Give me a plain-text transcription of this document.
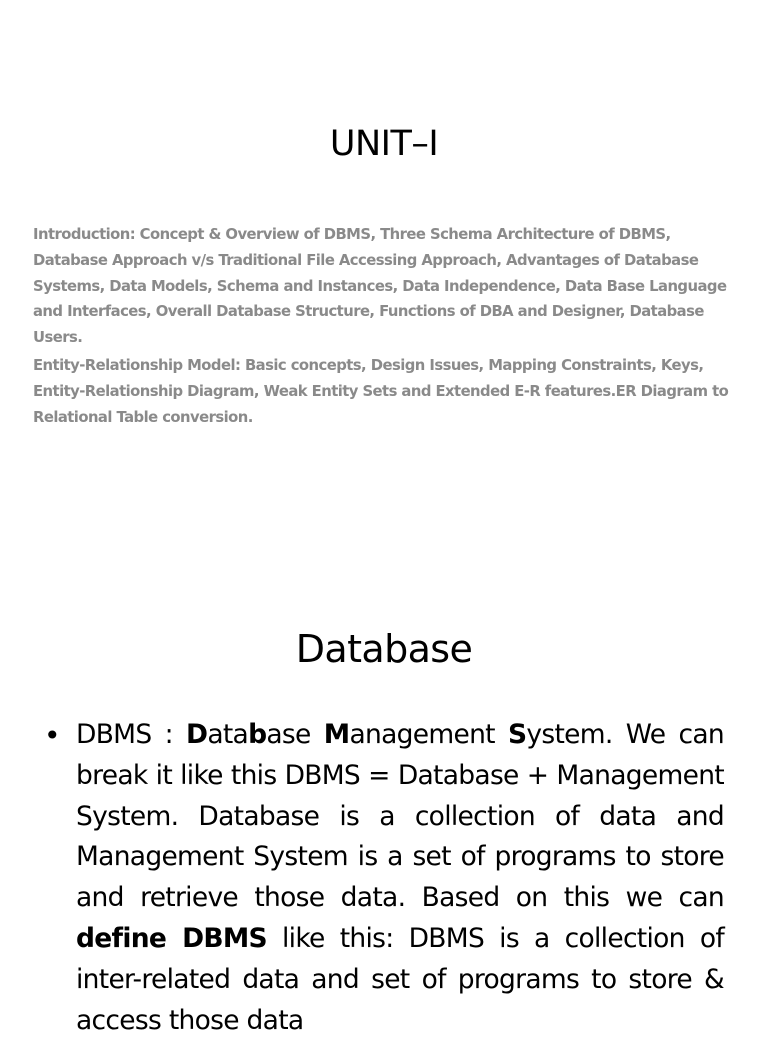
UNIT–I

Introduction: Concept & Overview of DBMS, Three Schema Architecture of DBMS, Database Approach v/s Traditional File Accessing Approach, Advantages of Database Systems, Data Models, Schema and Instances, Data Independence, Data Base Language and Interfaces, Overall Database Structure, Functions of DBA and Designer, Database Users.

Entity-Relationship Model: Basic concepts, Design Issues, Mapping Constraints, Keys, Entity-Relationship Diagram, Weak Entity Sets and Extended E-R features.ER Diagram to Relational Table conversion.

Database
• DBMS : Database Management System. We can break it like this DBMS = Database + Management System. Database is a collection of data and Management System is a set of programs to store and retrieve those data. Based on this we can define DBMS like this: DBMS is a collection of inter-related data and set of programs to store & access those data
